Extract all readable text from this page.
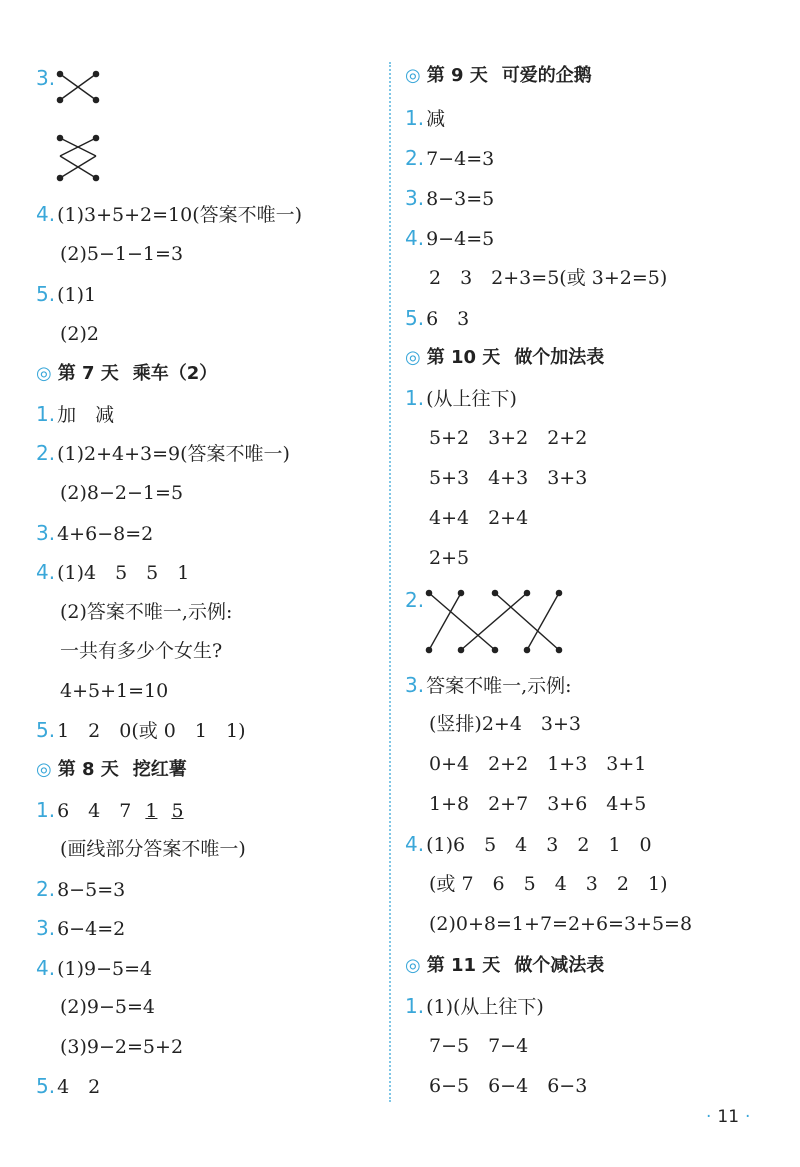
3.
4. (1)3+5+2=10(答案不唯一)
(2)5−1−1=3
5. (1)1
(2)2
◎ 第 7 天 乘车（2）
1. 加　减
2. (1)2+4+3=9(答案不唯一)
(2)8−2−1=5
3. 4+6−8=2
4. (1)4　5　5　1
(2)答案不唯一,示例:
一共有多少个女生?
4+5+1=10
5. 1　2　0(或 0　1　1)
◎ 第 8 天 挖红薯
1. 6　4　7 1 5
(画线部分答案不唯一)
2. 8−5=3
3. 6−4=2
4. (1)9−5=4
(2)9−5=4
(3)9−2=5+2
5. 4　2
◎ 第 9 天 可爱的企鹅
1. 减
2. 7−4=3
3. 8−3=5
4. 9−4=5
2　3　2+3=5(或 3+2=5)
5. 6　3
◎ 第 10 天 做个加法表
1. (从上往下)
5+2　3+2　2+2
5+3　4+3　3+3
4+4　2+4
2+5
2.
3. 答案不唯一,示例:
(竖排)2+4　3+3
0+4　2+2　1+3　3+1
1+8　2+7　3+6　4+5
4. (1)6　5　4　3　2　1　0
(或 7　6　5　4　3　2　1)
(2)0+8=1+7=2+6=3+5=8
◎ 第 11 天 做个减法表
1. (1)(从上往下)
7−5　7−4
6−5　6−4　6−3
· 11 ·
